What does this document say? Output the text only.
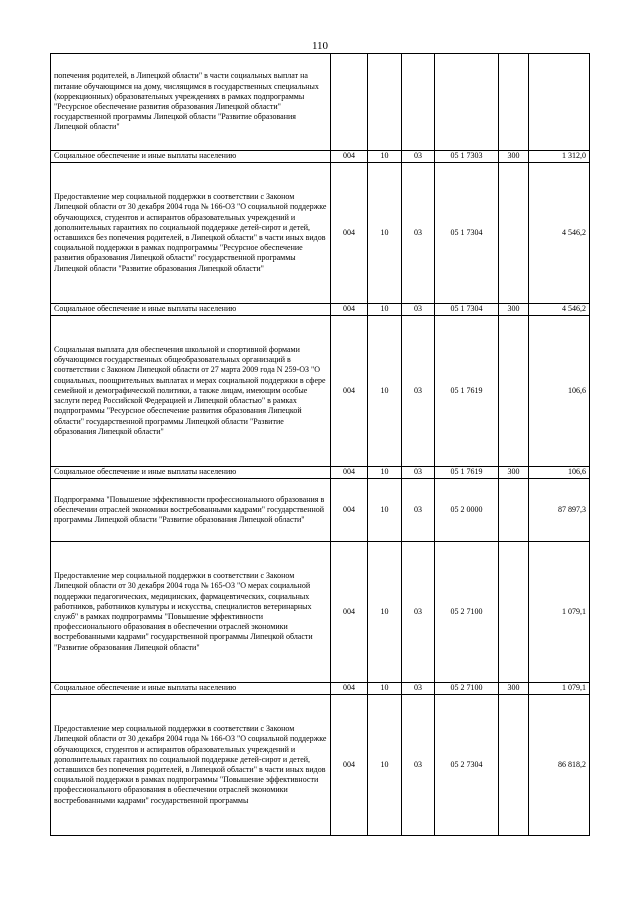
110
попечения родителей, в Липецкой области" в части социальных выплат на питание обучающимся на дому, числящимся в государственных специальных (коррекционных) образовательных учреждениях в рамках подпрограммы "Ресурсное обеспечение развития образования Липецкой области" государственной программы Липецкой области "Развитие образования Липецкой области"						
Социальное обеспечение и иные выплаты населению	004	10	03	05 1 7303	300	1 312,0
Предоставление мер социальной поддержки в соответствии с Законом Липецкой области от 30 декабря 2004 года № 166-ОЗ "О социальной поддержке обучающихся, студентов и аспирантов образовательных учреждений и дополнительных гарантиях по социальной поддержке детей-сирот и детей, оставшихся без попечения родителей, в Липецкой области" в части иных видов социальной поддержки в рамках подпрограммы "Ресурсное обеспечение развития образования Липецкой области" государственной программы Липецкой области "Развитие образования Липецкой области"	004	10	03	05 1 7304		4 546,2
Социальное обеспечение и иные выплаты населению	004	10	03	05 1 7304	300	4 546,2
Социальная выплата для обеспечения школьной и спортивной формами обучающимся государственных общеобразовательных организаций в соответствии с Законом Липецкой области от 27 марта 2009 года N 259-ОЗ "О социальных, поощрительных выплатах и мерах социальной поддержки в сфере семейной и демографической политики, а также лицам, имеющим особые заслуги перед Российской Федерацией и Липецкой областью" в рамках подпрограммы "Ресурсное обеспечение развития образования Липецкой области" государственной программы Липецкой области "Развитие образования Липецкой области"	004	10	03	05 1 7619		106,6
Социальное обеспечение и иные выплаты населению	004	10	03	05 1 7619	300	106,6
Подпрограмма "Повышение эффективности профессионального образования в обеспечении отраслей экономики востребованными кадрами" государственной программы Липецкой области "Развитие образования Липецкой области"	004	10	03	05 2 0000		87 897,3
Предоставление мер социальной поддержки в соответствии с Законом Липецкой области от 30 декабря 2004 года № 165-ОЗ "О мерах социальной поддержки педагогических, медицинских, фармацевтических, социальных работников, работников культуры и искусства, специалистов ветеринарных служб" в рамках подпрограммы "Повышение эффективности профессионального образования в обеспечении отраслей экономики востребованными кадрами" государственной программы Липецкой области "Развитие образования Липецкой области"	004	10	03	05 2 7100		1 079,1
Социальное обеспечение и иные выплаты населению	004	10	03	05 2 7100	300	1 079,1
Предоставление мер социальной поддержки в соответствии с Законом Липецкой области от 30 декабря 2004 года № 166-ОЗ "О социальной поддержке обучающихся, студентов и аспирантов образовательных учреждений и дополнительных гарантиях по социальной поддержке детей-сирот и детей, оставшихся без попечения родителей, в Липецкой области" в части иных видов социальной поддержки в рамках подпрограммы "Повышение эффективности профессионального образования в обеспечении отраслей экономики востребованными кадрами" государственной программы	004	10	03	05 2 7304		86 818,2
